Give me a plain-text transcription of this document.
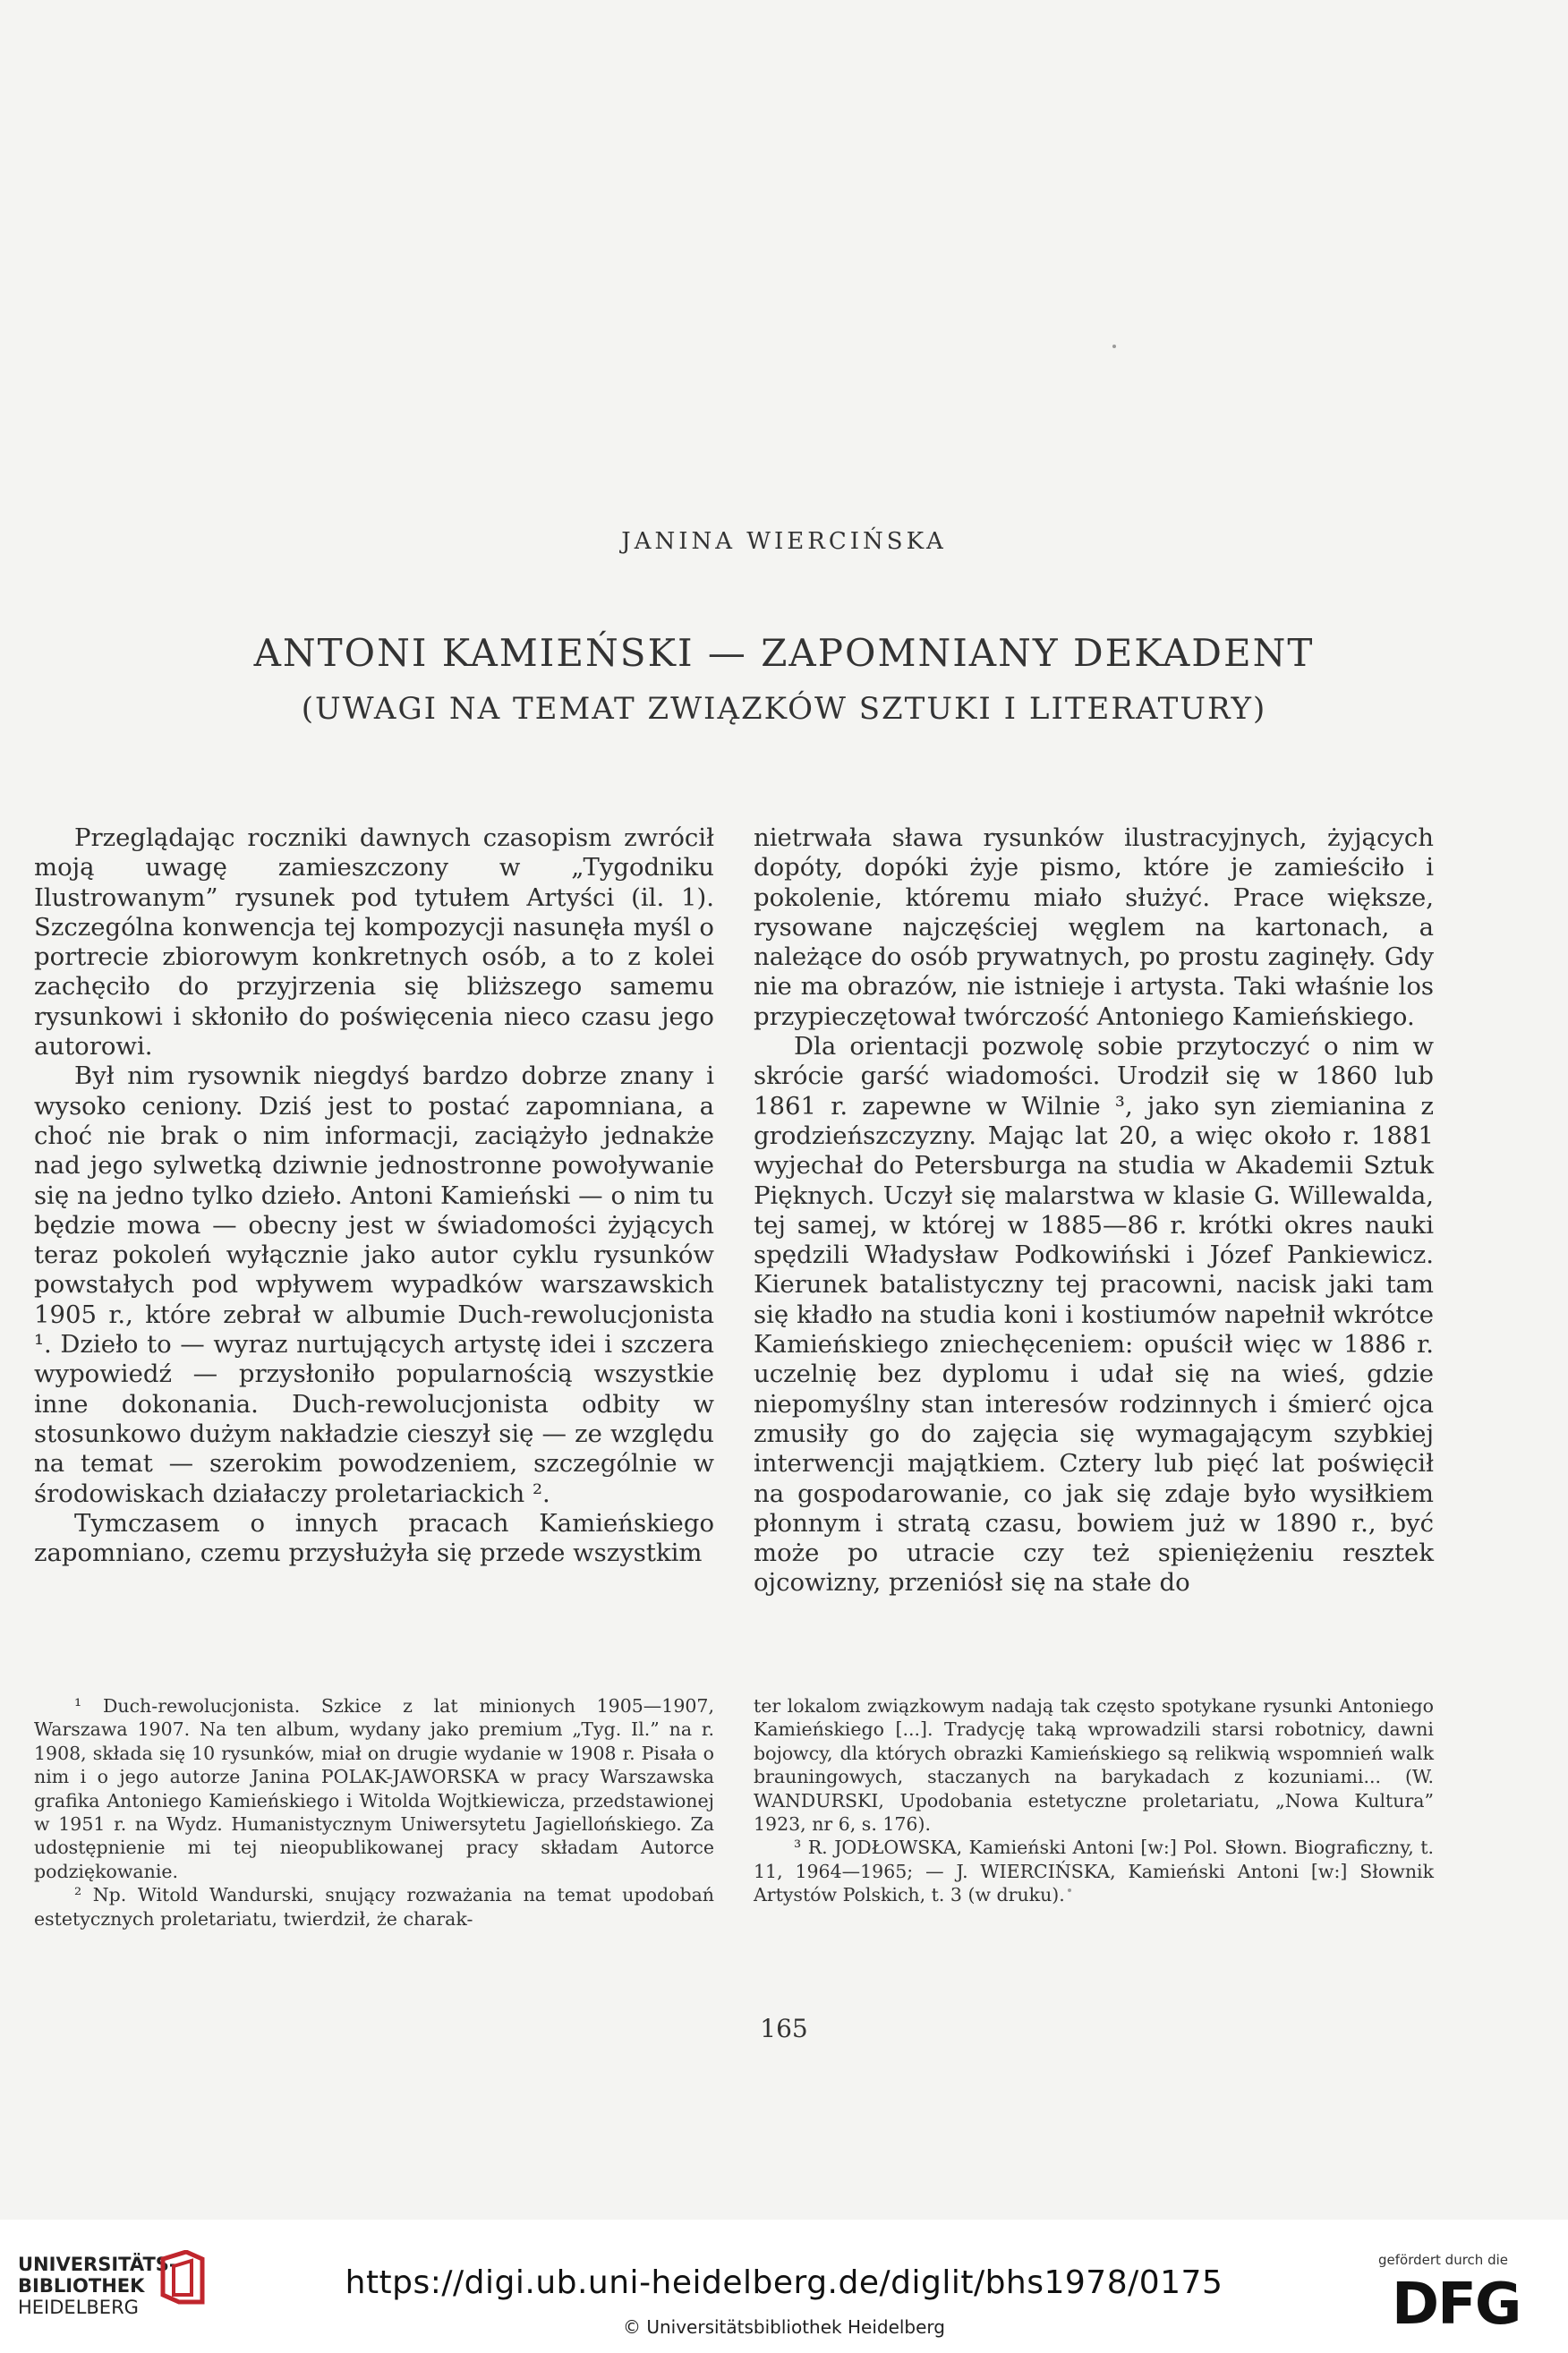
JANINA WIERCIŃSKA
ANTONI KAMIEŃSKI — ZAPOMNIANY DEKADENT
(UWAGI NA TEMAT ZWIĄZKÓW SZTUKI I LITERATURY)

Przeglądając roczniki dawnych czasopism zwrócił moją uwagę zamieszczony w „Tygodniku Ilustrowanym” rysunek pod tytułem Artyści (il. 1). Szczególna konwencja tej kompozycji nasunęła myśl o portrecie zbiorowym konkretnych osób, a to z kolei zachęciło do przyjrzenia się bliższego samemu rysunkowi i skłoniło do poświęcenia nieco czasu jego autorowi.

Był nim rysownik niegdyś bardzo dobrze znany i wysoko ceniony. Dziś jest to postać zapomniana, a choć nie brak o nim informacji, zaciążyło jednakże nad jego sylwetką dziwnie jednostronne powoływanie się na jedno tylko dzieło. Antoni Kamieński — o nim tu będzie mowa — obecny jest w świadomości żyjących teraz pokoleń wyłącznie jako autor cyklu rysunków powstałych pod wpływem wypadków warszawskich 1905 r., które zebrał w albumie Duch-rewolucjonista ¹. Dzieło to — wyraz nurtujących artystę idei i szczera wypowiedź — przysłoniło popularnością wszystkie inne dokonania. Duch-rewolucjonista odbity w stosunkowo dużym nakładzie cieszył się — ze względu na temat — szerokim powodzeniem, szczególnie w środowiskach działaczy proletariackich ².

Tymczasem o innych pracach Kamieńskiego zapomniano, czemu przysłużyła się przede wszystkim

nietrwała sława rysunków ilustracyjnych, żyjących dopóty, dopóki żyje pismo, które je zamieściło i pokolenie, któremu miało służyć. Prace większe, rysowane najczęściej węglem na kartonach, a należące do osób prywatnych, po prostu zaginęły. Gdy nie ma obrazów, nie istnieje i artysta. Taki właśnie los przypieczętował twórczość Antoniego Kamieńskiego.

Dla orientacji pozwolę sobie przytoczyć o nim w skrócie garść wiadomości. Urodził się w 1860 lub 1861 r. zapewne w Wilnie ³, jako syn ziemianina z grodzieńszczyzny. Mając lat 20, a więc około r. 1881 wyjechał do Petersburga na studia w Akademii Sztuk Pięknych. Uczył się malarstwa w klasie G. Willewalda, tej samej, w której w 1885—86 r. krótki okres nauki spędzili Władysław Podkowiński i Józef Pankiewicz. Kierunek batalistyczny tej pracowni, nacisk jaki tam się kładło na studia koni i kostiumów napełnił wkrótce Kamieńskiego zniechęceniem: opuścił więc w 1886 r. uczelnię bez dyplomu i udał się na wieś, gdzie niepomyślny stan interesów rodzinnych i śmierć ojca zmusiły go do zajęcia się wymagającym szybkiej interwencji majątkiem. Cztery lub pięć lat poświęcił na gospodarowanie, co jak się zdaje było wysiłkiem płonnym i stratą czasu, bowiem już w 1890 r., być może po utracie czy też spieniężeniu resztek ojcowizny, przeniósł się na stałe do

¹ Duch-rewolucjonista. Szkice z lat minionych 1905—1907, Warszawa 1907. Na ten album, wydany jako premium „Tyg. Il.” na r. 1908, składa się 10 rysunków, miał on drugie wydanie w 1908 r. Pisała o nim i o jego autorze Janina POLAK-JAWORSKA w pracy Warszawska grafika Antoniego Kamieńskiego i Witolda Wojtkiewicza, przedstawionej w 1951 r. na Wydz. Humanistycznym Uniwersytetu Jagiellońskiego. Za udostępnienie mi tej nieopublikowanej pracy składam Autorce podziękowanie.

² Np. Witold Wandurski, snujący rozważania na temat upodobań estetycznych proletariatu, twierdził, że charak-

ter lokalom związkowym nadają tak często spotykane rysunki Antoniego Kamieńskiego [...]. Tradycję taką wprowadzili starsi robotnicy, dawni bojowcy, dla których obrazki Kamieńskiego są relikwią wspomnień walk brauningowych, staczanych na barykadach z kozuniami... (W. WANDURSKI, Upodobania estetyczne proletariatu, „Nowa Kultura” 1923, nr 6, s. 176).

³ R. JODŁOWSKA, Kamieński Antoni [w:] Pol. Słown. Biograficzny, t. 11, 1964—1965; — J. WIERCIŃSKA, Kamieński Antoni [w:] Słownik Artystów Polskich, t. 3 (w druku).

165
UNIVERSITÄTS-
BIBLIOTHEK
HEIDELBERG
https://digi.ub.uni-heidelberg.de/diglit/bhs1978/0175
© Universitätsbibliothek Heidelberg
gefördert durch die
DFG
